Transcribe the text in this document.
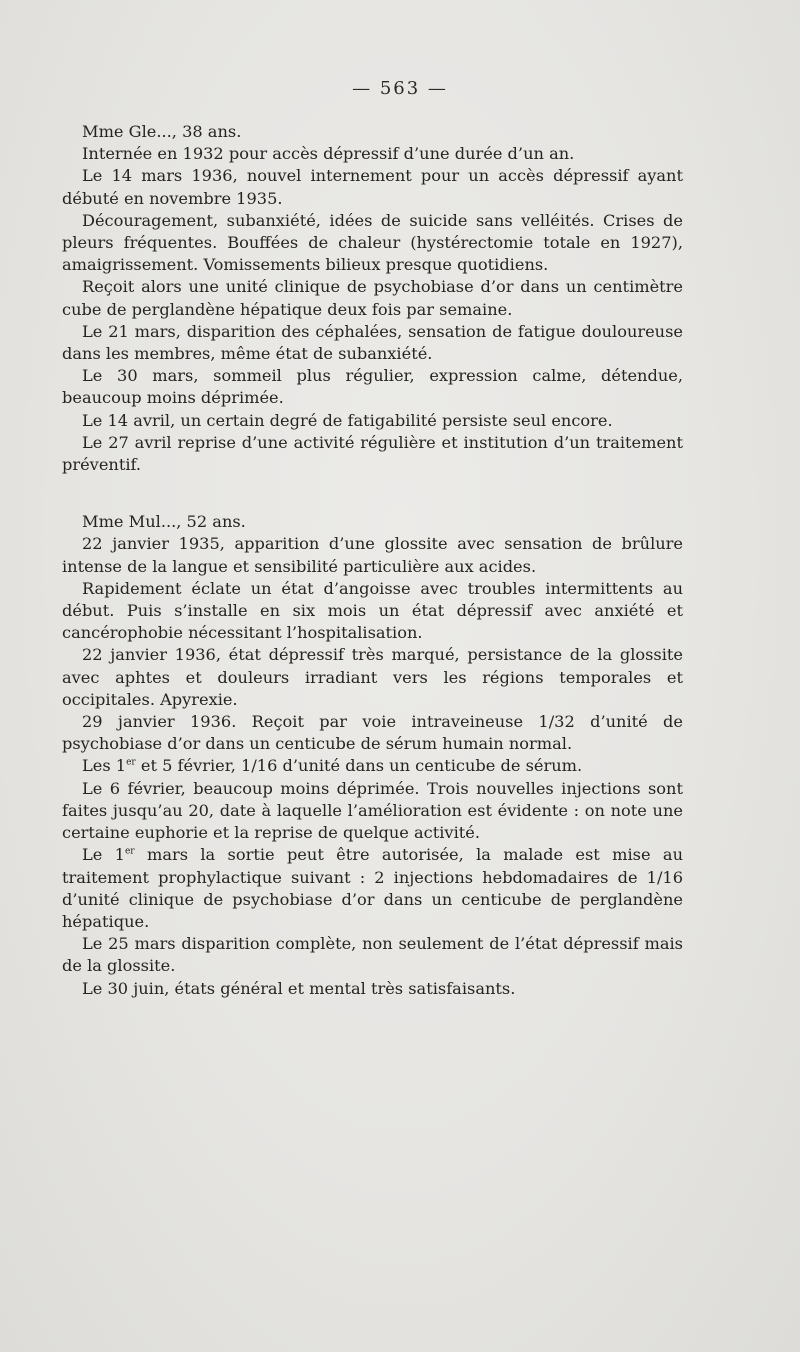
— 563 —

Mme Gle..., 38 ans.

Internée en 1932 pour accès dépressif d’une durée d’un an.

Le 14 mars 1936, nouvel internement pour un accès dépressif ayant débuté en novembre 1935.

Découragement, subanxiété, idées de suicide sans velléités. Crises de pleurs fréquentes. Bouffées de chaleur (hystérectomie totale en 1927), amaigrissement. Vomissements bilieux presque quotidiens.

Reçoit alors une unité clinique de psychobiase d’or dans un centimètre cube de perglandène hépatique deux fois par semaine.

Le 21 mars, disparition des céphalées, sensation de fatigue douloureuse dans les membres, même état de subanxiété.

Le 30 mars, sommeil plus régulier, expression calme, détendue, beaucoup moins déprimée.

Le 14 avril, un certain degré de fatigabilité persiste seul encore.

Le 27 avril reprise d’une activité régulière et institution d’un traitement préventif.

Mme Mul..., 52 ans.

22 janvier 1935, apparition d’une glossite avec sensation de brûlure intense de la langue et sensibilité particulière aux acides.

Rapidement éclate un état d’angoisse avec troubles intermittents au début. Puis s’installe en six mois un état dépressif avec anxiété et cancérophobie nécessitant l’hospitalisation.

22 janvier 1936, état dépressif très marqué, persistance de la glossite avec aphtes et douleurs irradiant vers les régions temporales et occipitales. Apyrexie.

29 janvier 1936. Reçoit par voie intraveineuse 1/32 d’unité de psychobiase d’or dans un centicube de sérum humain normal.

Les 1er et 5 février, 1/16 d’unité dans un centicube de sérum.

Le 6 février, beaucoup moins déprimée. Trois nouvelles injections sont faites jusqu’au 20, date à laquelle l’amélioration est évidente : on note une certaine euphorie et la reprise de quelque activité.

Le 1er mars la sortie peut être autorisée, la malade est mise au traitement prophylactique suivant : 2 injections hebdomadaires de 1/16 d’unité clinique de psychobiase d’or dans un centicube de perglandène hépatique.

Le 25 mars disparition complète, non seulement de l’état dépressif mais de la glossite.

Le 30 juin, états général et mental très satisfaisants.
